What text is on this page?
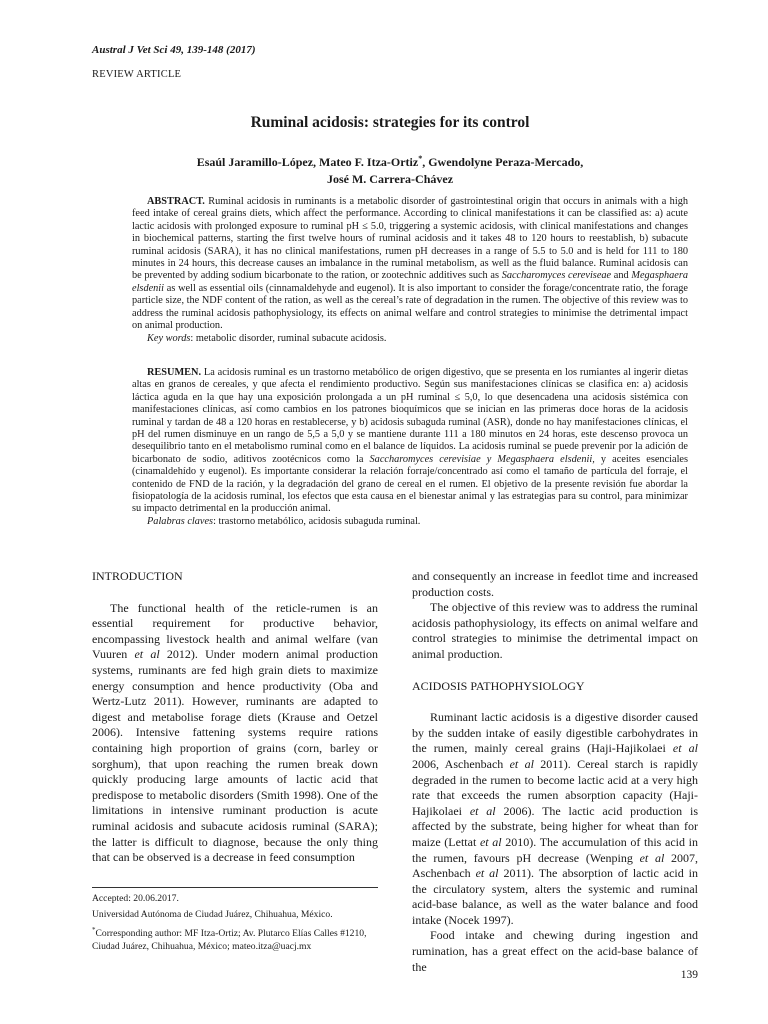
Austral J Vet Sci 49, 139-148 (2017)
REVIEW ARTICLE
Ruminal acidosis: strategies for its control
Esaúl Jaramillo-López, Mateo F. Itza-Ortiz*, Gwendolyne Peraza-Mercado,
José M. Carrera-Chávez

ABSTRACT. Ruminal acidosis in ruminants is a metabolic disorder of gastrointestinal origin that occurs in animals with a high feed intake of cereal grains diets, which affect the performance. According to clinical manifestations it can be classified as: a) acute lactic acidosis with prolonged exposure to ruminal pH ≤ 5.0, triggering a systemic acidosis, with clinical manifestations and changes in biochemical patterns, starting the first twelve hours of ruminal acidosis and it takes 48 to 120 hours to reestablish, b) subacute ruminal acidosis (SARA), it has no clinical manifestations, rumen pH decreases in a range of 5.5 to 5.0 and is held for 111 to 180 minutes in 24 hours, this decrease causes an imbalance in the ruminal metabolism, as well as the fluid balance. Ruminal acidosis can be prevented by adding sodium bicarbonate to the ration, or zootechnic additives such as Saccharomyces cereviseae and Megasphaera elsdenii as well as essential oils (cinnamaldehyde and eugenol). It is also important to consider the forage/concentrate ratio, the forage particle size, the NDF content of the ration, as well as the cereal’s rate of degradation in the rumen. The objective of this review was to address the ruminal acidosis pathophysiology, its effects on animal welfare and control strategies to minimise the detrimental impact on animal production.

Key words: metabolic disorder, ruminal subacute acidosis.

RESUMEN. La acidosis ruminal es un trastorno metabólico de origen digestivo, que se presenta en los rumiantes al ingerir dietas altas en granos de cereales, y que afecta el rendimiento productivo. Según sus manifestaciones clínicas se clasifica en: a) acidosis láctica aguda en la que hay una exposición prolongada a un pH ruminal ≤ 5,0, lo que desencadena una acidosis sistémica con manifestaciones clínicas, así como cambios en los patrones bioquímicos que se inician en las primeras doce horas de la acidosis ruminal y tardan de 48 a 120 horas en restablecerse, y b) acidosis subaguda ruminal (ASR), donde no hay manifestaciones clínicas, el pH del rumen disminuye en un rango de 5,5 a 5,0 y se mantiene durante 111 a 180 minutos en 24 horas, este descenso provoca un desequilibrio tanto en el metabolismo ruminal como en el balance de líquidos. La acidosis ruminal se puede prevenir por la adición de bicarbonato de sodio, aditivos zootécnicos como la Saccharomyces cerevisiae y Megasphaera elsdenii, y aceites esenciales (cinamaldehído y eugenol). Es importante considerar la relación forraje/concentrado así como el tamaño de partícula del forraje, el contenido de FND de la ración, y la degradación del grano de cereal en el rumen. El objetivo de la presente revisión fue abordar la fisiopatología de la acidosis ruminal, los efectos que esta causa en el bienestar animal y las estrategias para su control, para minimizar su impacto detrimental en la producción animal.

Palabras claves: trastorno metabólico, acidosis subaguda ruminal.

INTRODUCTION

The functional health of the reticle-rumen is an essential requirement for productive behavior, encompassing livestock health and animal welfare (van Vuuren et al 2012). Under modern animal production systems, ruminants are fed high grain diets to maximize energy consumption and hence productivity (Oba and Wertz-Lutz 2011). However, ruminants are adapted to digest and metabolise forage diets (Krause and Oetzel 2006). Intensive fattening systems require rations containing high proportion of grains (corn, barley or sorghum), that upon reaching the rumen break down quickly producing large amounts of lactic acid that predispose to metabolic disorders (Smith 1998). One of the limitations in intensive ruminant production is acute ruminal acidosis and subacute acidosis ruminal (SARA); the latter is difficult to diagnose, because the only thing that can be observed is a decrease in feed consumption

and consequently an increase in feedlot time and increased production costs.

The objective of this review was to address the ruminal acidosis pathophysiology, its effects on animal welfare and control strategies to minimise the detrimental impact on animal production.

ACIDOSIS PATHOPHYSIOLOGY

Ruminant lactic acidosis is a digestive disorder caused by the sudden intake of easily digestible carbohydrates in the rumen, mainly cereal grains (Haji-Hajikolaei et al 2006, Aschenbach et al 2011). Cereal starch is rapidly degraded in the rumen to become lactic acid at a very high rate that exceeds the rumen absorption capacity (Haji-Hajikolaei et al 2006). The lactic acid production is affected by the substrate, being higher for wheat than for maize (Lettat et al 2010). The accumulation of this acid in the rumen, favours pH decrease (Wenping et al 2007, Aschenbach et al 2011). The absorption of lactic acid in the circulatory system, alters the systemic and ruminal acid-base balance, as well as the water balance and food intake (Nocek 1997).

Food intake and chewing during ingestion and rumination, has a great effect on the acid-base balance of the

Accepted: 20.06.2017.
Universidad Autónoma de Ciudad Juárez, Chihuahua, México.
*Corresponding author: MF Itza-Ortiz; Av. Plutarco Elías Calles #1210, Ciudad Juárez, Chihuahua, México; mateo.itza@uacj.mx
139
